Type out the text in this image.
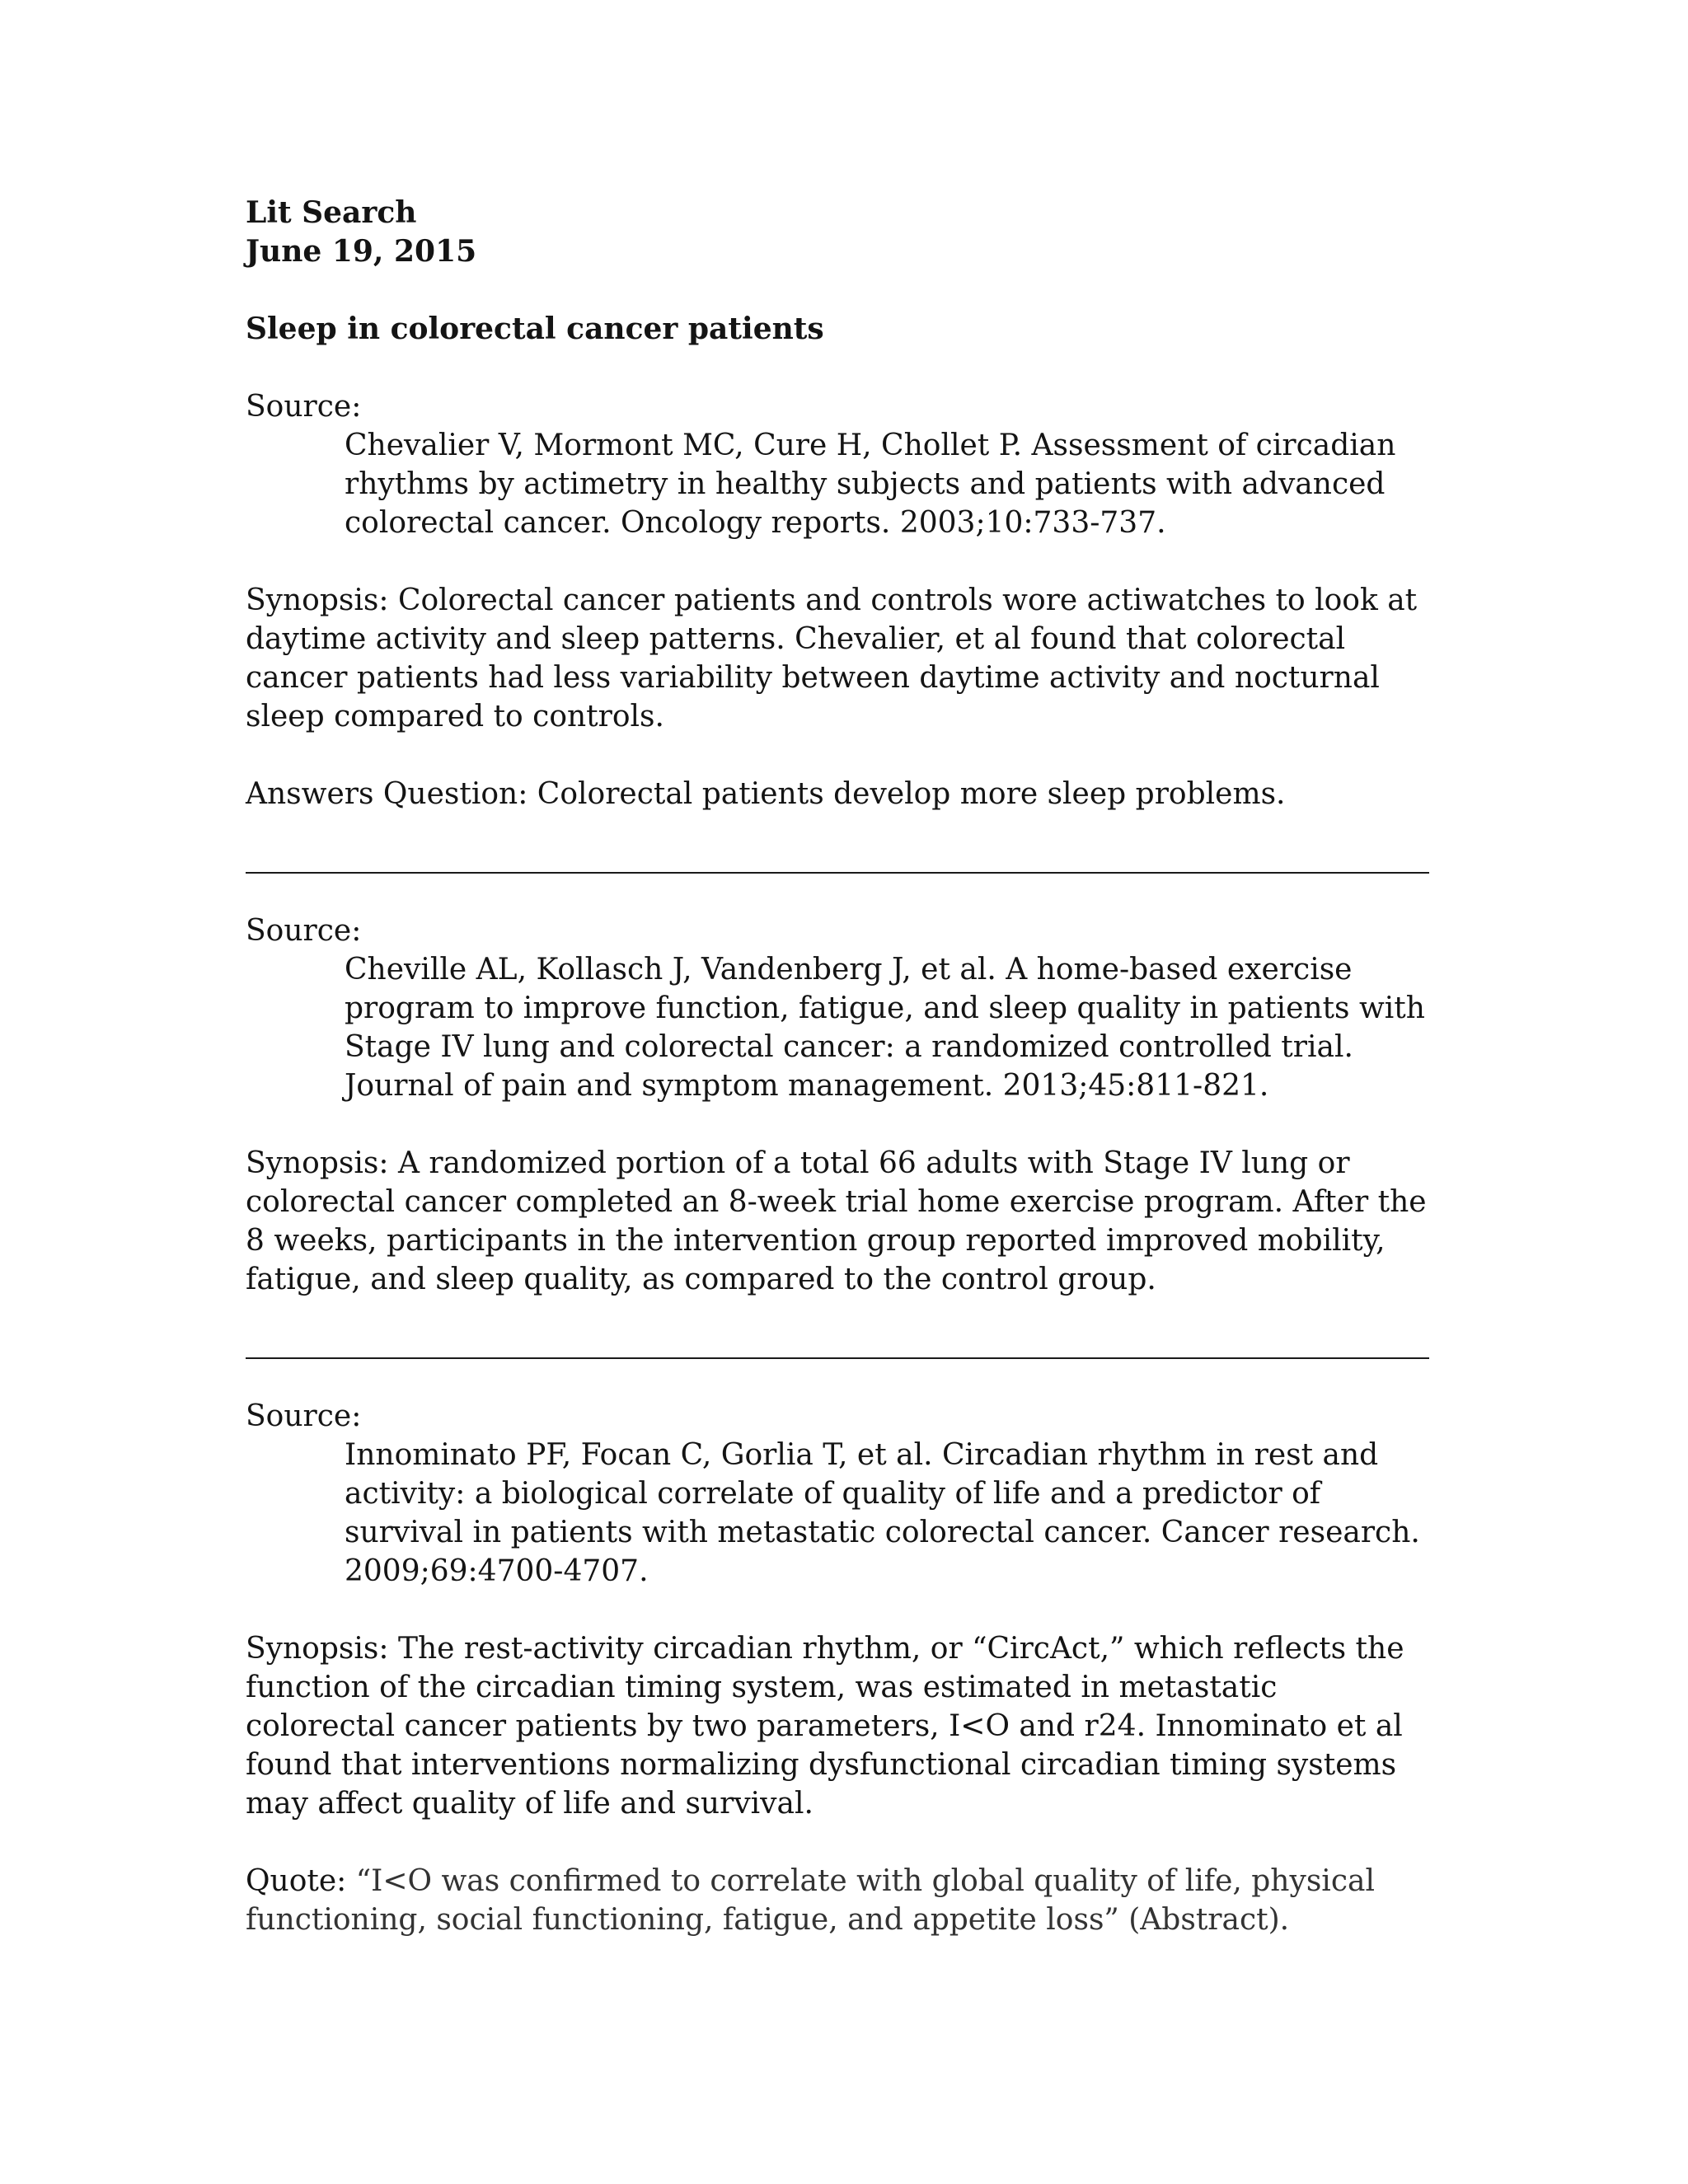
Lit Search
June 19, 2015
Sleep in colorectal cancer patients
Source:
Chevalier V, Mormont MC, Cure H, Chollet P. Assessment of circadian rhythms by actimetry in healthy subjects and patients with advanced colorectal cancer. Oncology reports. 2003;10:733-737.
Synopsis: Colorectal cancer patients and controls wore actiwatches to look at daytime activity and sleep patterns. Chevalier, et al found that colorectal cancer patients had less variability between daytime activity and nocturnal sleep compared to controls.
Answers Question: Colorectal patients develop more sleep problems.
Source:
Cheville AL, Kollasch J, Vandenberg J, et al. A home-based exercise program to improve function, fatigue, and sleep quality in patients with Stage IV lung and colorectal cancer: a randomized controlled trial. Journal of pain and symptom management. 2013;45:811-821.
Synopsis: A randomized portion of a total 66 adults with Stage IV lung or colorectal cancer completed an 8-week trial home exercise program. After the 8 weeks, participants in the intervention group reported improved mobility, fatigue, and sleep quality, as compared to the control group.
Source:
Innominato PF, Focan C, Gorlia T, et al. Circadian rhythm in rest and activity: a biological correlate of quality of life and a predictor of survival in patients with metastatic colorectal cancer. Cancer research. 2009;69:4700-4707.
Synopsis: The rest-activity circadian rhythm, or “CircAct,” which reflects the function of the circadian timing system, was estimated in metastatic colorectal cancer patients by two parameters, I<O and r24. Innominato et al found that interventions normalizing dysfunctional circadian timing systems may affect quality of life and survival.
Quote: “I<O was confirmed to correlate with global quality of life, physical functioning, social functioning, fatigue, and appetite loss” (Abstract).
